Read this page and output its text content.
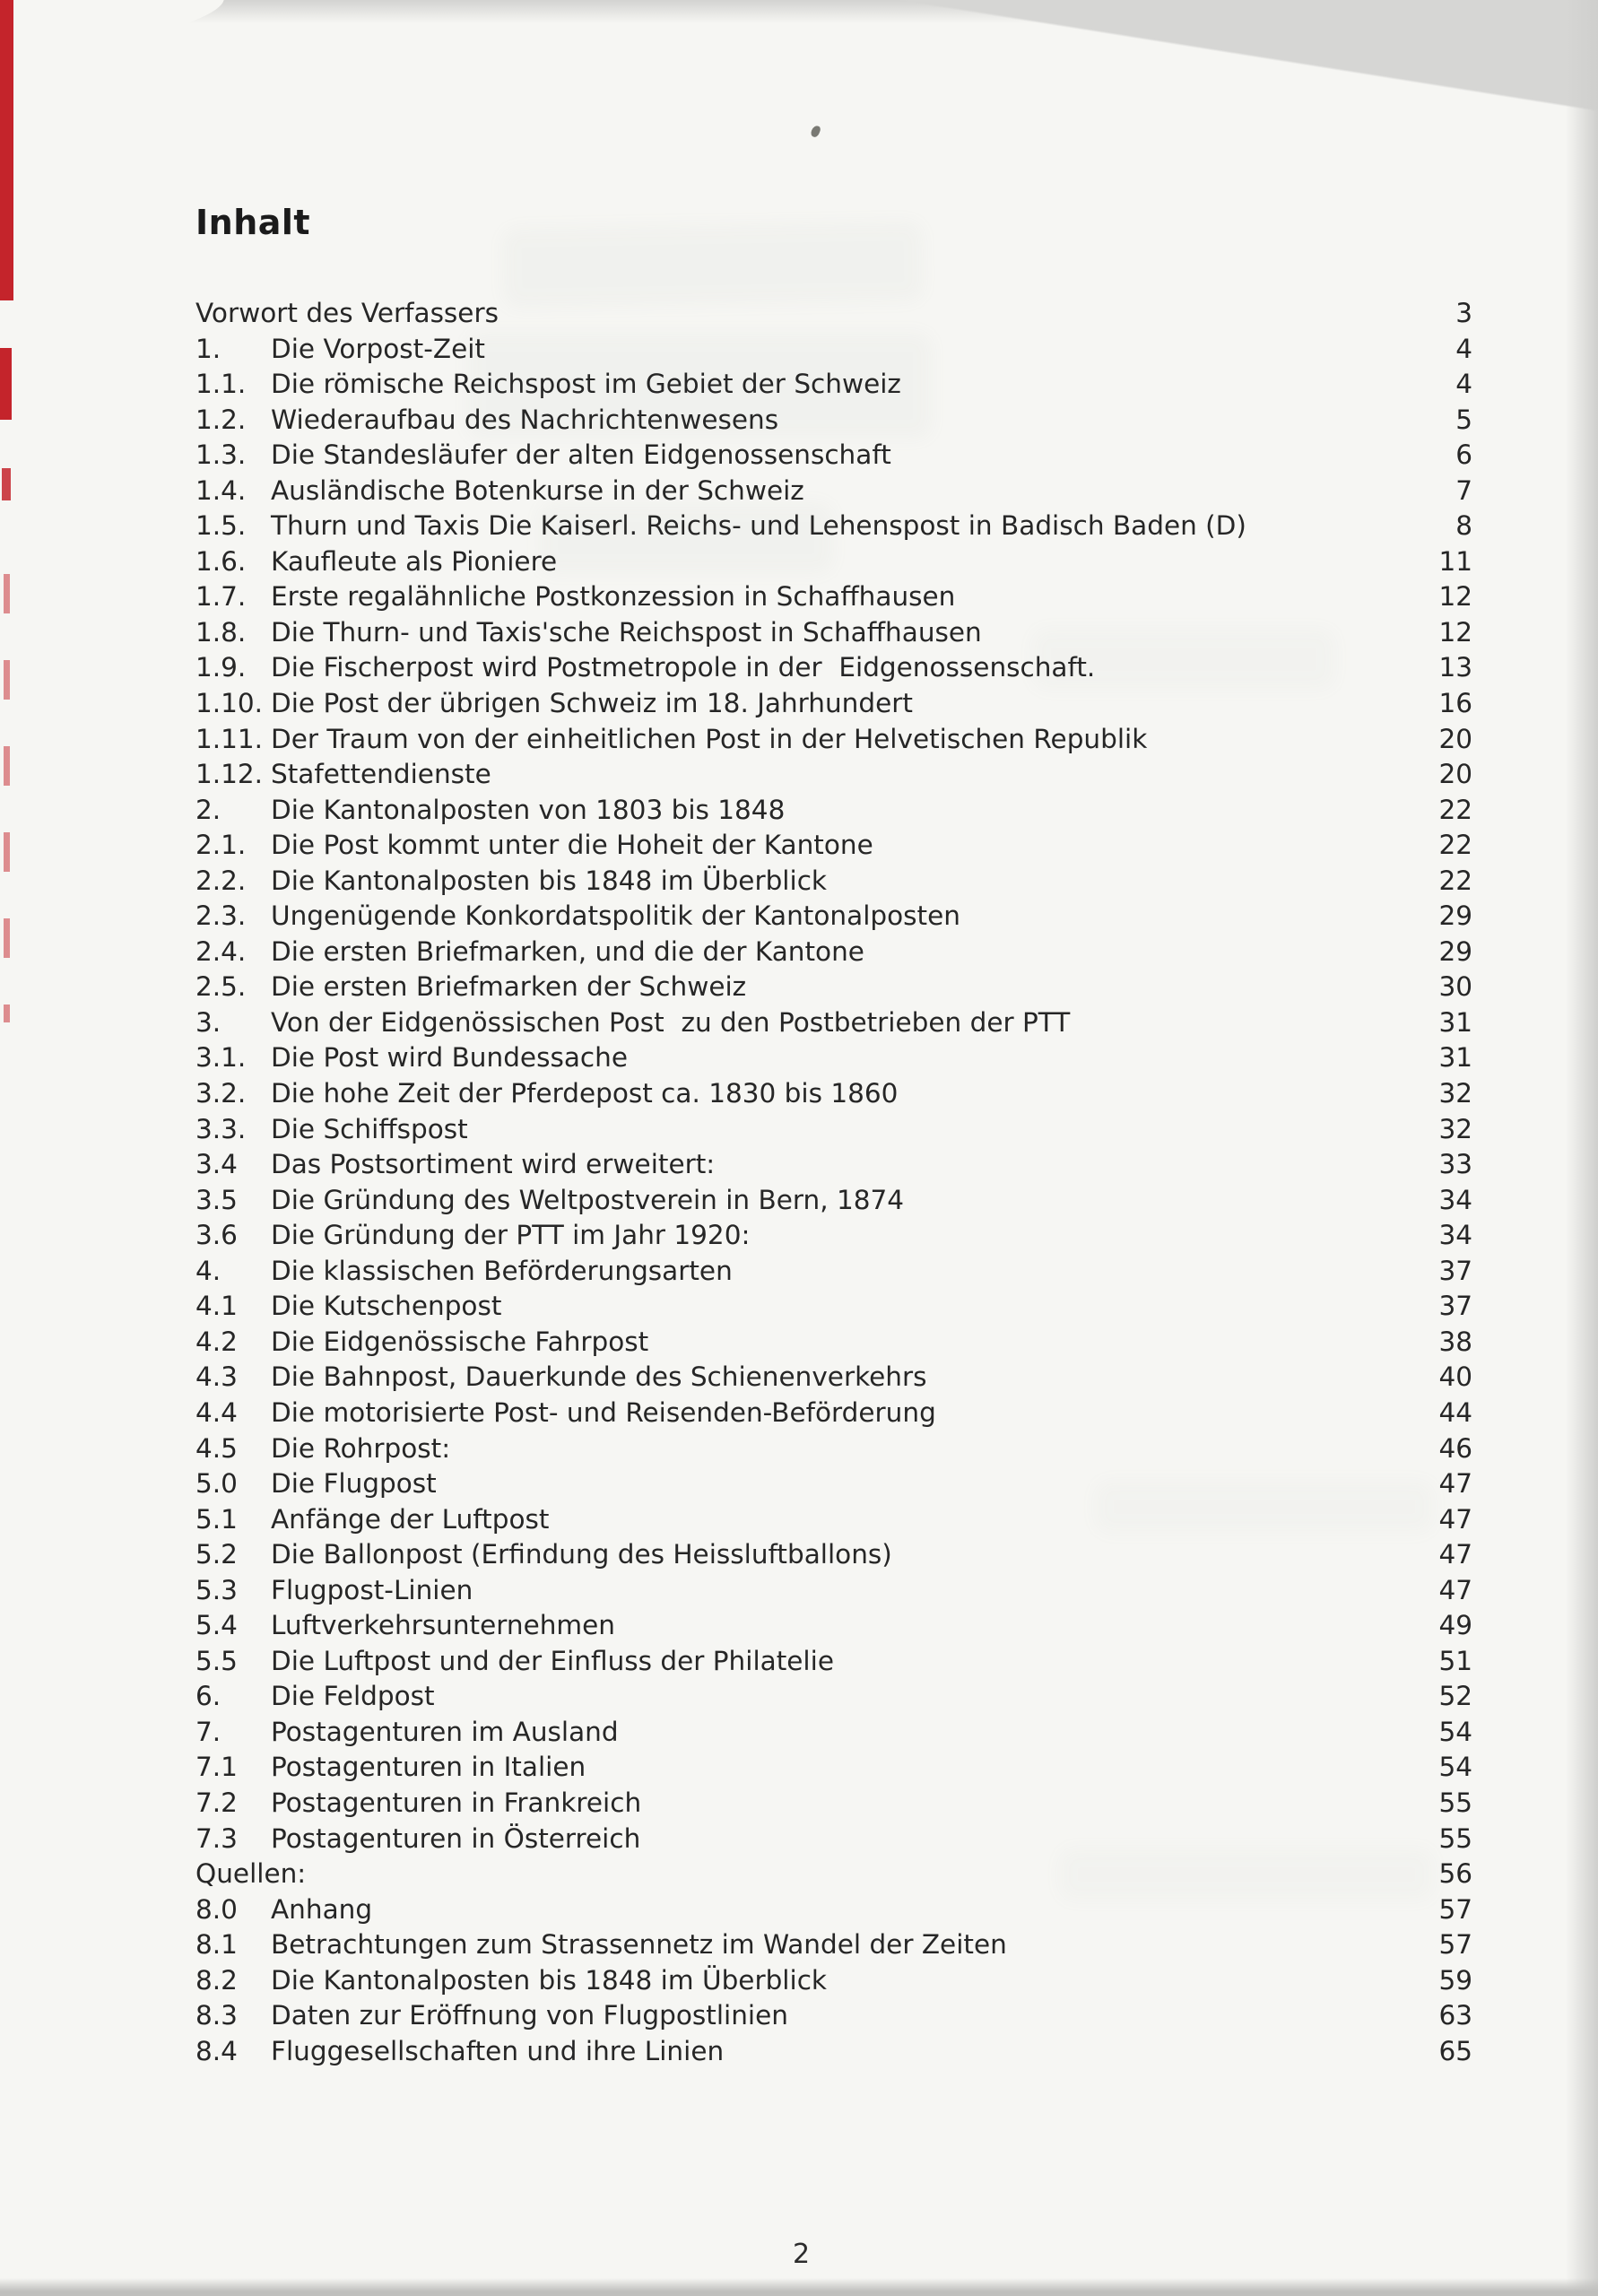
Inhalt
Vorwort des Verfassers	3
1.	Die Vorpost-Zeit	4
1.1. Die römische Reichspost im Gebiet der Schweiz	4
1.2. Wiederaufbau des Nachrichtenwesens	5
1.3. Die Standesläufer der alten Eidgenossenschaft	6
1.4. Ausländische Botenkurse in der Schweiz	7
1.5. Thurn und Taxis Die Kaiserl. Reichs- und Lehenspost in Badisch Baden (D)	8
1.6. Kaufleute als Pioniere	11
1.7. Erste regalähnliche Postkonzession in Schaffhausen	12
1.8. Die Thurn- und Taxis'sche Reichspost in Schaffhausen	12
1.9. Die Fischerpost wird Postmetropole in der  Eidgenossenschaft.	13
1.10. Die Post der übrigen Schweiz im 18. Jahrhundert	16
1.11. Der Traum von der einheitlichen Post in der Helvetischen Republik	20
1.12. Stafettendienste	20
2.	Die Kantonalposten von 1803 bis 1848	22
2.1. Die Post kommt unter die Hoheit der Kantone	22
2.2. Die Kantonalposten bis 1848 im Überblick	22
2.3. Ungenügende Konkordatspolitik der Kantonalposten	29
2.4. Die ersten Briefmarken, und die der Kantone	29
2.5. Die ersten Briefmarken der Schweiz	30
3.	Von der Eidgenössischen Post  zu den Postbetrieben der PTT	31
3.1. Die Post wird Bundessache	31
3.2. Die hohe Zeit der Pferdepost ca. 1830 bis 1860	32
3.3. Die Schiffspost	32
3.4	Das Postsortiment wird erweitert:	33
3.5	Die Gründung des Weltpostverein in Bern, 1874	34
3.6	Die Gründung der PTT im Jahr 1920:	34
4.	Die klassischen Beförderungsarten	37
4.1	Die Kutschenpost	37
4.2	Die Eidgenössische Fahrpost	38
4.3	Die Bahnpost, Dauerkunde des Schienenverkehrs	40
4.4	Die motorisierte Post- und Reisenden-Beförderung	44
4.5	Die Rohrpost:	46
5.0	Die Flugpost	47
5.1	Anfänge der Luftpost	47
5.2	Die Ballonpost (Erfindung des Heissluftballons)	47
5.3	Flugpost-Linien	47
5.4	Luftverkehrsunternehmen	49
5.5	Die Luftpost und der Einfluss der Philatelie	51
6.	Die Feldpost	52
7.	Postagenturen im Ausland	54
7.1	Postagenturen in Italien	54
7.2	Postagenturen in Frankreich	55
7.3	Postagenturen in Österreich	55
Quellen:	56
8.0	Anhang	57
8.1	Betrachtungen zum Strassennetz im Wandel der Zeiten	57
8.2	Die Kantonalposten bis 1848 im Überblick	59
8.3	Daten zur Eröffnung von Flugpostlinien	63
8.4	Fluggesellschaften und ihre Linien	65
2
